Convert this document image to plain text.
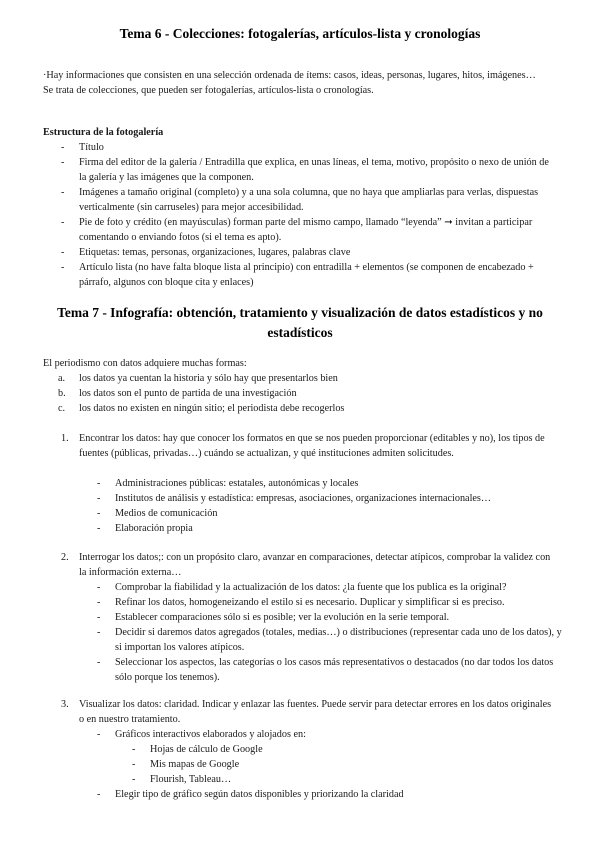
Tema 6 - Colecciones: fotogalerías, artículos-lista y cronologías
·Hay informaciones que consisten en una selección ordenada de ítems: casos, ideas, personas, lugares, hitos, imágenes…
Se trata de colecciones, que pueden ser fotogalerías, artículos-lista o cronologías.
Estructura de la fotogalería
- Título
- Firma del editor de la galería / Entradilla que explica, en unas líneas, el tema, motivo, propósito o nexo de unión de la galería y las imágenes que la componen.
- Imágenes a tamaño original (completo) y a una sola columna, que no haya que ampliarlas para verlas, dispuestas verticalmente (sin carruseles) para mejor accesibilidad.
- Pie de foto y crédito (en mayúsculas) forman parte del mismo campo, llamado “leyenda” ➞ invitan a participar comentando o enviando fotos (si el tema es apto).
- Etiquetas: temas, personas, organizaciones, lugares, palabras clave
- Artículo lista (no have falta bloque lista al principio) con entradilla + elementos (se componen de encabezado + párrafo, algunos con bloque cita y enlaces)
Tema 7 - Infografía: obtención, tratamiento y visualización de datos estadísticos y no estadísticos
El periodismo con datos adquiere muchas formas:
a. los datos ya cuentan la historia y sólo hay que presentarlos bien
b. los datos son el punto de partida de una investigación
c. los datos no existen en ningún sitio; el periodista debe recogerlos
1. Encontrar los datos: hay que conocer los formatos en que se nos pueden proporcionar (editables y no), los tipos de fuentes (públicas, privadas…) cuándo se actualizan, y qué instituciones admiten solicitudes.
- Administraciones públicas: estatales, autonómicas y locales
- Institutos de análisis y estadística: empresas, asociaciones, organizaciones internacionales…
- Medios de comunicación
- Elaboración propia
2. Interrogar los datos;: con un propósito claro, avanzar en comparaciones, detectar atípicos, comprobar la validez con la información externa…
- Comprobar la fiabilidad y la actualización de los datos: ¿la fuente que los publica es la original?
- Refinar los datos, homogeneizando el estilo si es necesario. Duplicar y simplificar si es preciso.
- Establecer comparaciones sólo si es posible; ver la evolución en la serie temporal.
- Decidir si daremos datos agregados (totales, medias…) o distribuciones (representar cada uno de los datos), y si importan los valores atípicos.
- Seleccionar los aspectos, las categorías o los casos más representativos o destacados (no dar todos los datos sólo porque los tenemos).
3. Visualizar los datos: claridad. Indicar y enlazar las fuentes. Puede servir para detectar errores en los datos originales o en nuestro tratamiento.
- Gráficos interactivos elaborados y alojados en:
- Hojas de cálculo de Google
- Mis mapas de Google
- Flourish, Tableau…
- Elegir tipo de gráfico según datos disponibles y priorizando la claridad
